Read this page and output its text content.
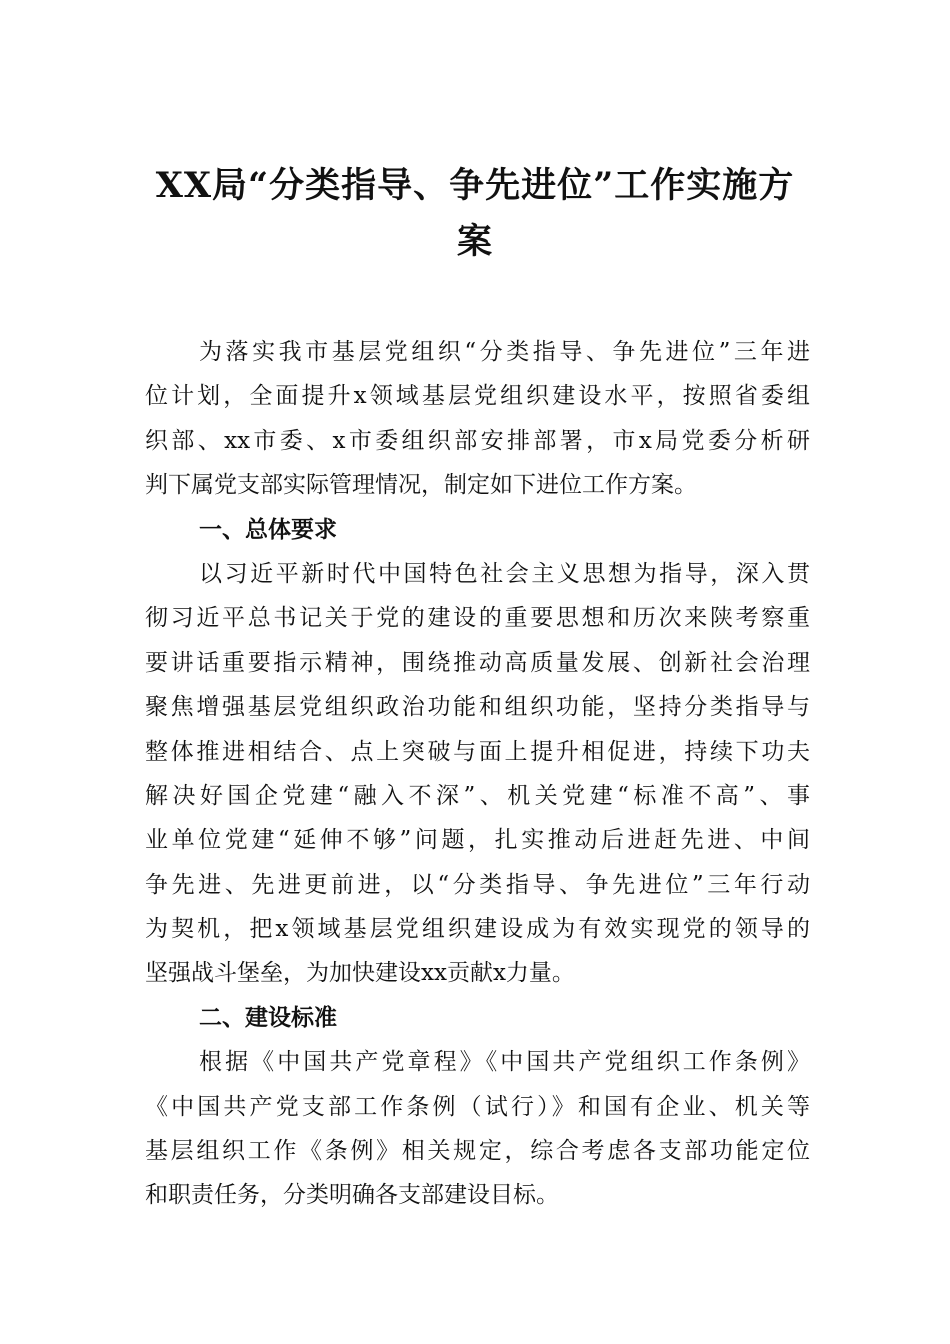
XX局“分类指导、争先进位”工作实施方
案
为落实我市基层党组织“分类指导、争先进位”三年进
位计划，全面提升x领域基层党组织建设水平，按照省委组
织部、xx市委、x市委组织部安排部署，市x局党委分析研
判下属党支部实际管理情况，制定如下进位工作方案。
一、总体要求
以习近平新时代中国特色社会主义思想为指导，深入贯
彻习近平总书记关于党的建设的重要思想和历次来陕考察重
要讲话重要指示精神，围绕推动高质量发展、创新社会治理
聚焦增强基层党组织政治功能和组织功能，坚持分类指导与
整体推进相结合、点上突破与面上提升相促进，持续下功夫
解决好国企党建“融入不深”、机关党建“标准不高”、事
业单位党建“延伸不够”问题，扎实推动后进赶先进、中间
争先进、先进更前进，以“分类指导、争先进位”三年行动
为契机，把x领域基层党组织建设成为有效实现党的领导的
坚强战斗堡垒，为加快建设xx贡献x力量。
二、建设标准
根据《中国共产党章程》《中国共产党组织工作条例》
《中国共产党支部工作条例（试行）》和国有企业、机关等
基层组织工作《条例》相关规定，综合考虑各支部功能定位
和职责任务，分类明确各支部建设目标。
